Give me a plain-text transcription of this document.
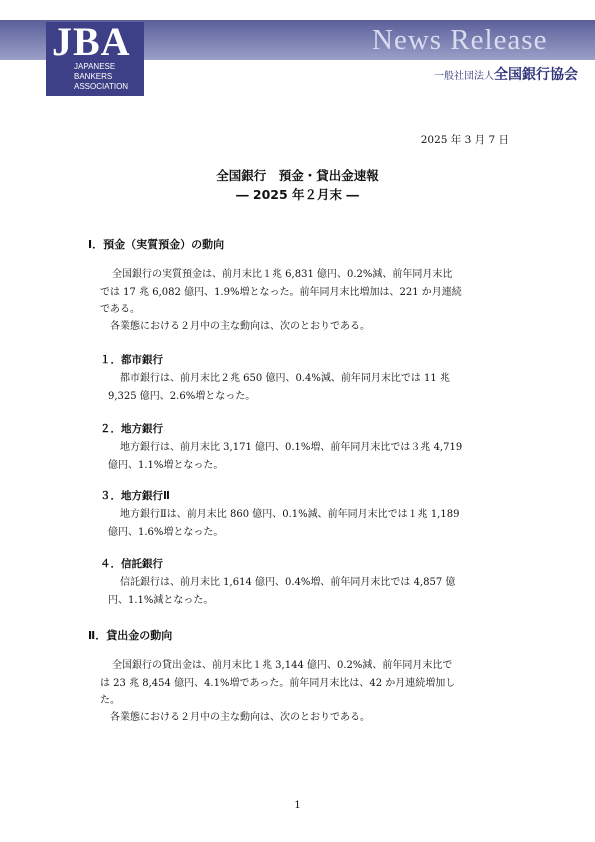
JBA
JAPANESE
BANKERS
ASSOCIATION
News Release
一般社団法人全国銀行協会
2025 年 3 月 7 日
全国銀行　預金・貸出金速報
― 2025 年２月末 ―
Ⅰ．預金（実質預金）の動向
全国銀行の実質預金は、前月末比１兆 6,831 億円、0.2%減、前年同月末比
では 17 兆 6,082 億円、1.9%増となった。前年同月末比増加は、221 か月連続
である。
各業態における２月中の主な動向は、次のとおりである。
１．都市銀行
都市銀行は、前月末比２兆 650 億円、0.4%減、前年同月末比では 11 兆
9,325 億円、2.6%増となった。
２．地方銀行
地方銀行は、前月末比 3,171 億円、0.1%増、前年同月末比では３兆 4,719
億円、1.1%増となった。
３．地方銀行Ⅱ
地方銀行Ⅱは、前月末比 860 億円、0.1%減、前年同月末比では１兆 1,189
億円、1.6%増となった。
４．信託銀行
信託銀行は、前月末比 1,614 億円、0.4%増、前年同月末比では 4,857 億
円、1.1%減となった。
Ⅱ．貸出金の動向
全国銀行の貸出金は、前月末比１兆 3,144 億円、0.2%減、前年同月末比で
は 23 兆 8,454 億円、4.1%増であった。前年同月末比は、42 か月連続増加し
た。
各業態における２月中の主な動向は、次のとおりである。
1
